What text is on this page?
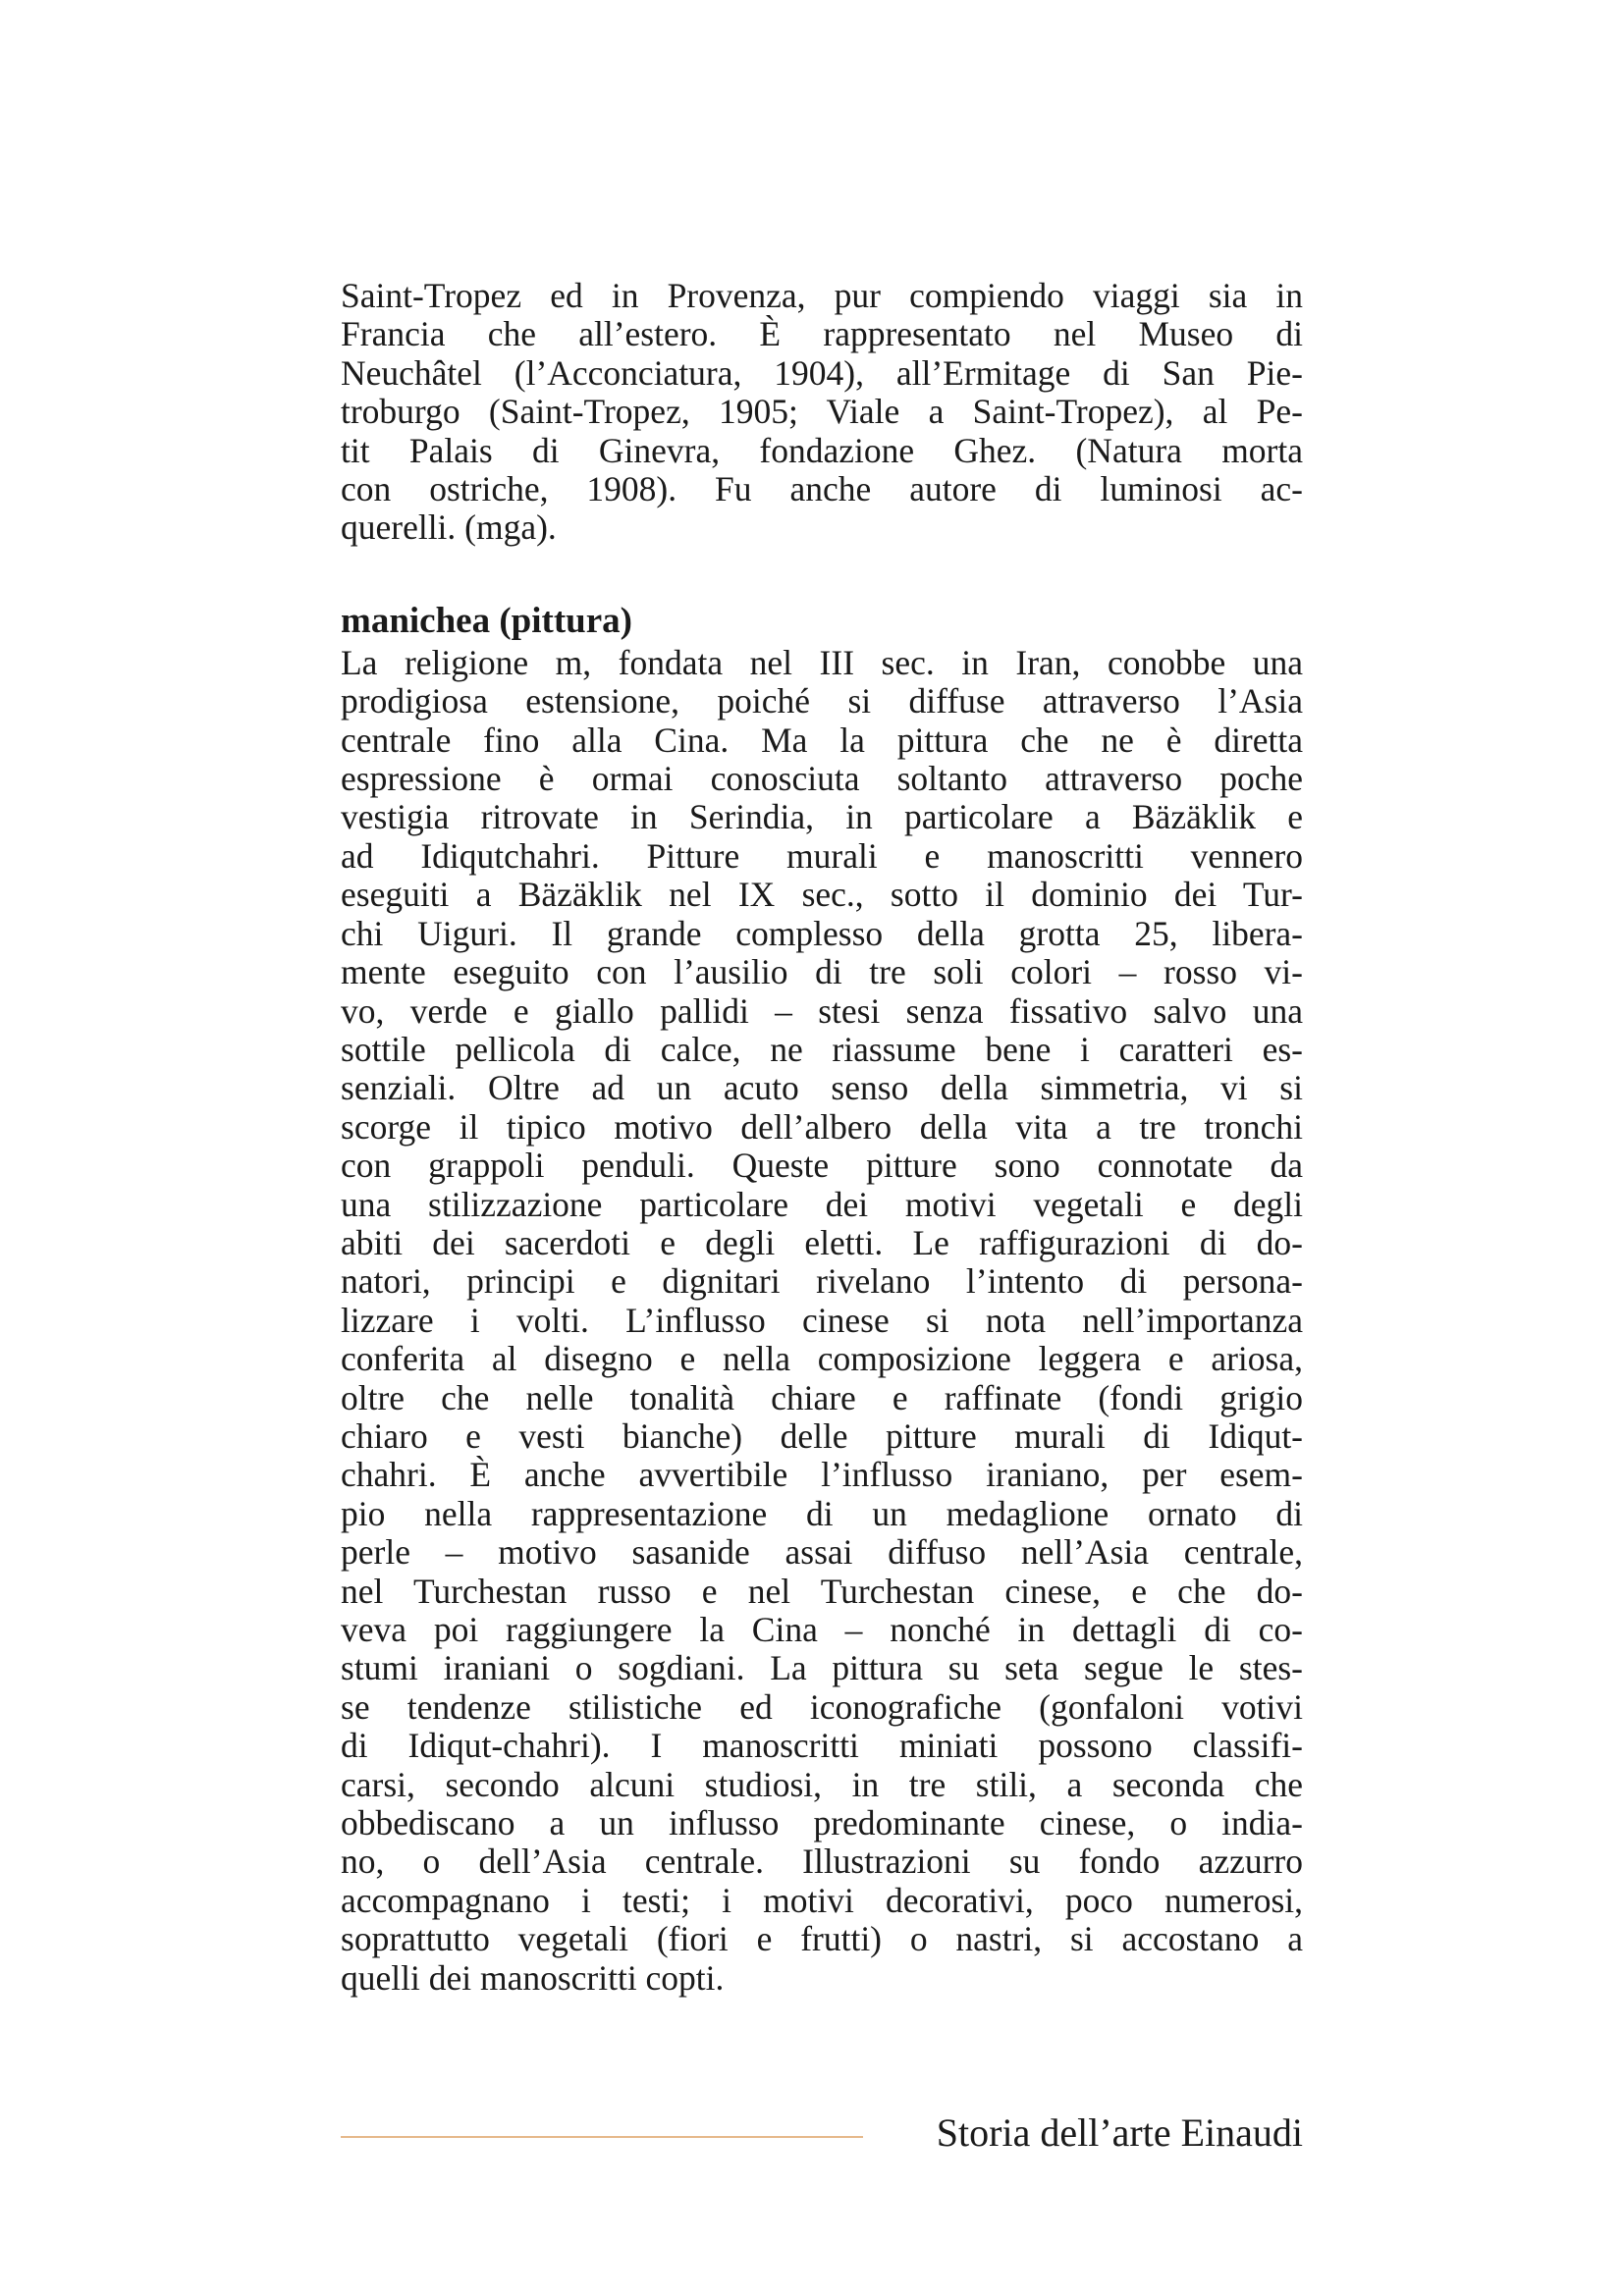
Saint-Tropez ed in Provenza, pur compiendo viaggi sia in
Francia che all’estero. È rappresentato nel Museo di
Neuchâtel (l’Acconciatura, 1904), all’Ermitage di San Pie-
troburgo (Saint-Tropez, 1905; Viale a Saint-Tropez), al Pe-
tit Palais di Ginevra, fondazione Ghez. (Natura morta
con ostriche, 1908). Fu anche autore di luminosi ac-
querelli. (mga).
manichea (pittura)
La religione m, fondata nel III sec. in Iran, conobbe una
prodigiosa estensione, poiché si diffuse attraverso l’Asia
centrale fino alla Cina. Ma la pittura che ne è diretta
espressione è ormai conosciuta soltanto attraverso poche
vestigia ritrovate in Serindia, in particolare a Bäzäklik e
ad Idiqutchahri. Pitture murali e manoscritti vennero
eseguiti a Bäzäklik nel IX sec., sotto il dominio dei Tur-
chi Uiguri. Il grande complesso della grotta 25, libera-
mente eseguito con l’ausilio di tre soli colori – rosso vi-
vo, verde e giallo pallidi – stesi senza fissativo salvo una
sottile pellicola di calce, ne riassume bene i caratteri es-
senziali. Oltre ad un acuto senso della simmetria, vi si
scorge il tipico motivo dell’albero della vita a tre tronchi
con grappoli penduli. Queste pitture sono connotate da
una stilizzazione particolare dei motivi vegetali e degli
abiti dei sacerdoti e degli eletti. Le raffigurazioni di do-
natori, principi e dignitari rivelano l’intento di persona-
lizzare i volti. L’influsso cinese si nota nell’importanza
conferita al disegno e nella composizione leggera e ariosa,
oltre che nelle tonalità chiare e raffinate (fondi grigio
chiaro e vesti bianche) delle pitture murali di Idiqut-
chahri. È anche avvertibile l’influsso iraniano, per esem-
pio nella rappresentazione di un medaglione ornato di
perle – motivo sasanide assai diffuso nell’Asia centrale,
nel Turchestan russo e nel Turchestan cinese, e che do-
veva poi raggiungere la Cina – nonché in dettagli di co-
stumi iraniani o sogdiani. La pittura su seta segue le stes-
se tendenze stilistiche ed iconografiche (gonfaloni votivi
di Idiqut-chahri). I manoscritti miniati possono classifi-
carsi, secondo alcuni studiosi, in tre stili, a seconda che
obbediscano a un influsso predominante cinese, o india-
no, o dell’Asia centrale. Illustrazioni su fondo azzurro
accompagnano i testi; i motivi decorativi, poco numerosi,
soprattutto vegetali (fiori e frutti) o nastri, si accostano a
quelli dei manoscritti copti.
Storia dell’arte Einaudi
